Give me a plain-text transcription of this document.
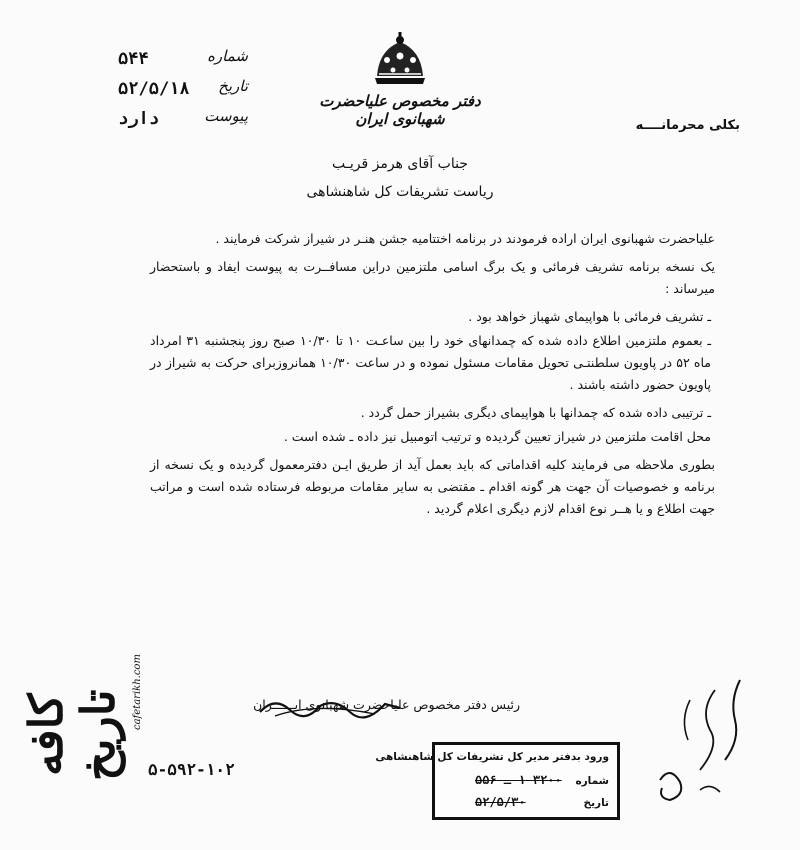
دفتر مخصوص علیاحضرت شهبانوی ایران
۵۴۴	شماره
۵۲/۵/۱۸ تاریخ
دارد	پیوست
بکلی محرمانــــه
جناب آقای هرمز قریـب
ریاست تشریفات کل شاهنشاهی

علیاحضرت شهبانوی ایران اراده فرمودند در برنامه اختتامیه جشن هنـر در شیراز شرکت فرمایند .

یک نسخه برنامه تشریف فرمائی و یک برگ اسامی ملتزمین دراین مسافــرت به پیوست ایفاد و باستحضار میرساند :

ـ تشریف فرمائی با هواپیمای شهباز خواهد بود .

ـ بعموم ملتزمین اطلاع داده شده که چمدانهای خود را بین ساعـت ۱۰ تا ۱۰/۳۰ صبح روز پنجشنبه ۳۱ امرداد ماه ۵۲ در پاویون سلطنتـی تحویل مقامات مسئول نموده و در ساعت ۱۰/۳۰ همانروزبرای حرکت به شیراز در پاویون حضور داشته باشند .

ـ ترتیبی داده شده که چمدانها با هواپیمای دیگری بشیراز حمل گردد .

محل اقامت ملتزمین در شیراز تعیین گردیده و ترتیب اتومبیل نیز داده ـ شده است .

بطوری ملاحظه می فرمایند کلیه اقداماتی که باید بعمل آید از طریق ایـن دفترمعمول گردیده و یک نسخه از برنامه و خصوصیات آن جهت هر گونه اقدام ـ مقتضی به سایر مقامات مربوطه فرستاده شده است و مراتب جهت اطلاع و یا هــر نوع اقدام لازم دیگری اعلام گردید .

رئیس دفتر مخصوص علیاحضرت شهبانوی ایــــــران
۵-۵۹۲-۱۰۲
کافه تاریخ cafetarikh.com
ورود بدفتر مدیر كل تشريفات کل شاهنشاهی
شماره
۳۲۰۰ ۱ ـ ۵۵۶
تاریخ
۵۲/۵/۳۰
